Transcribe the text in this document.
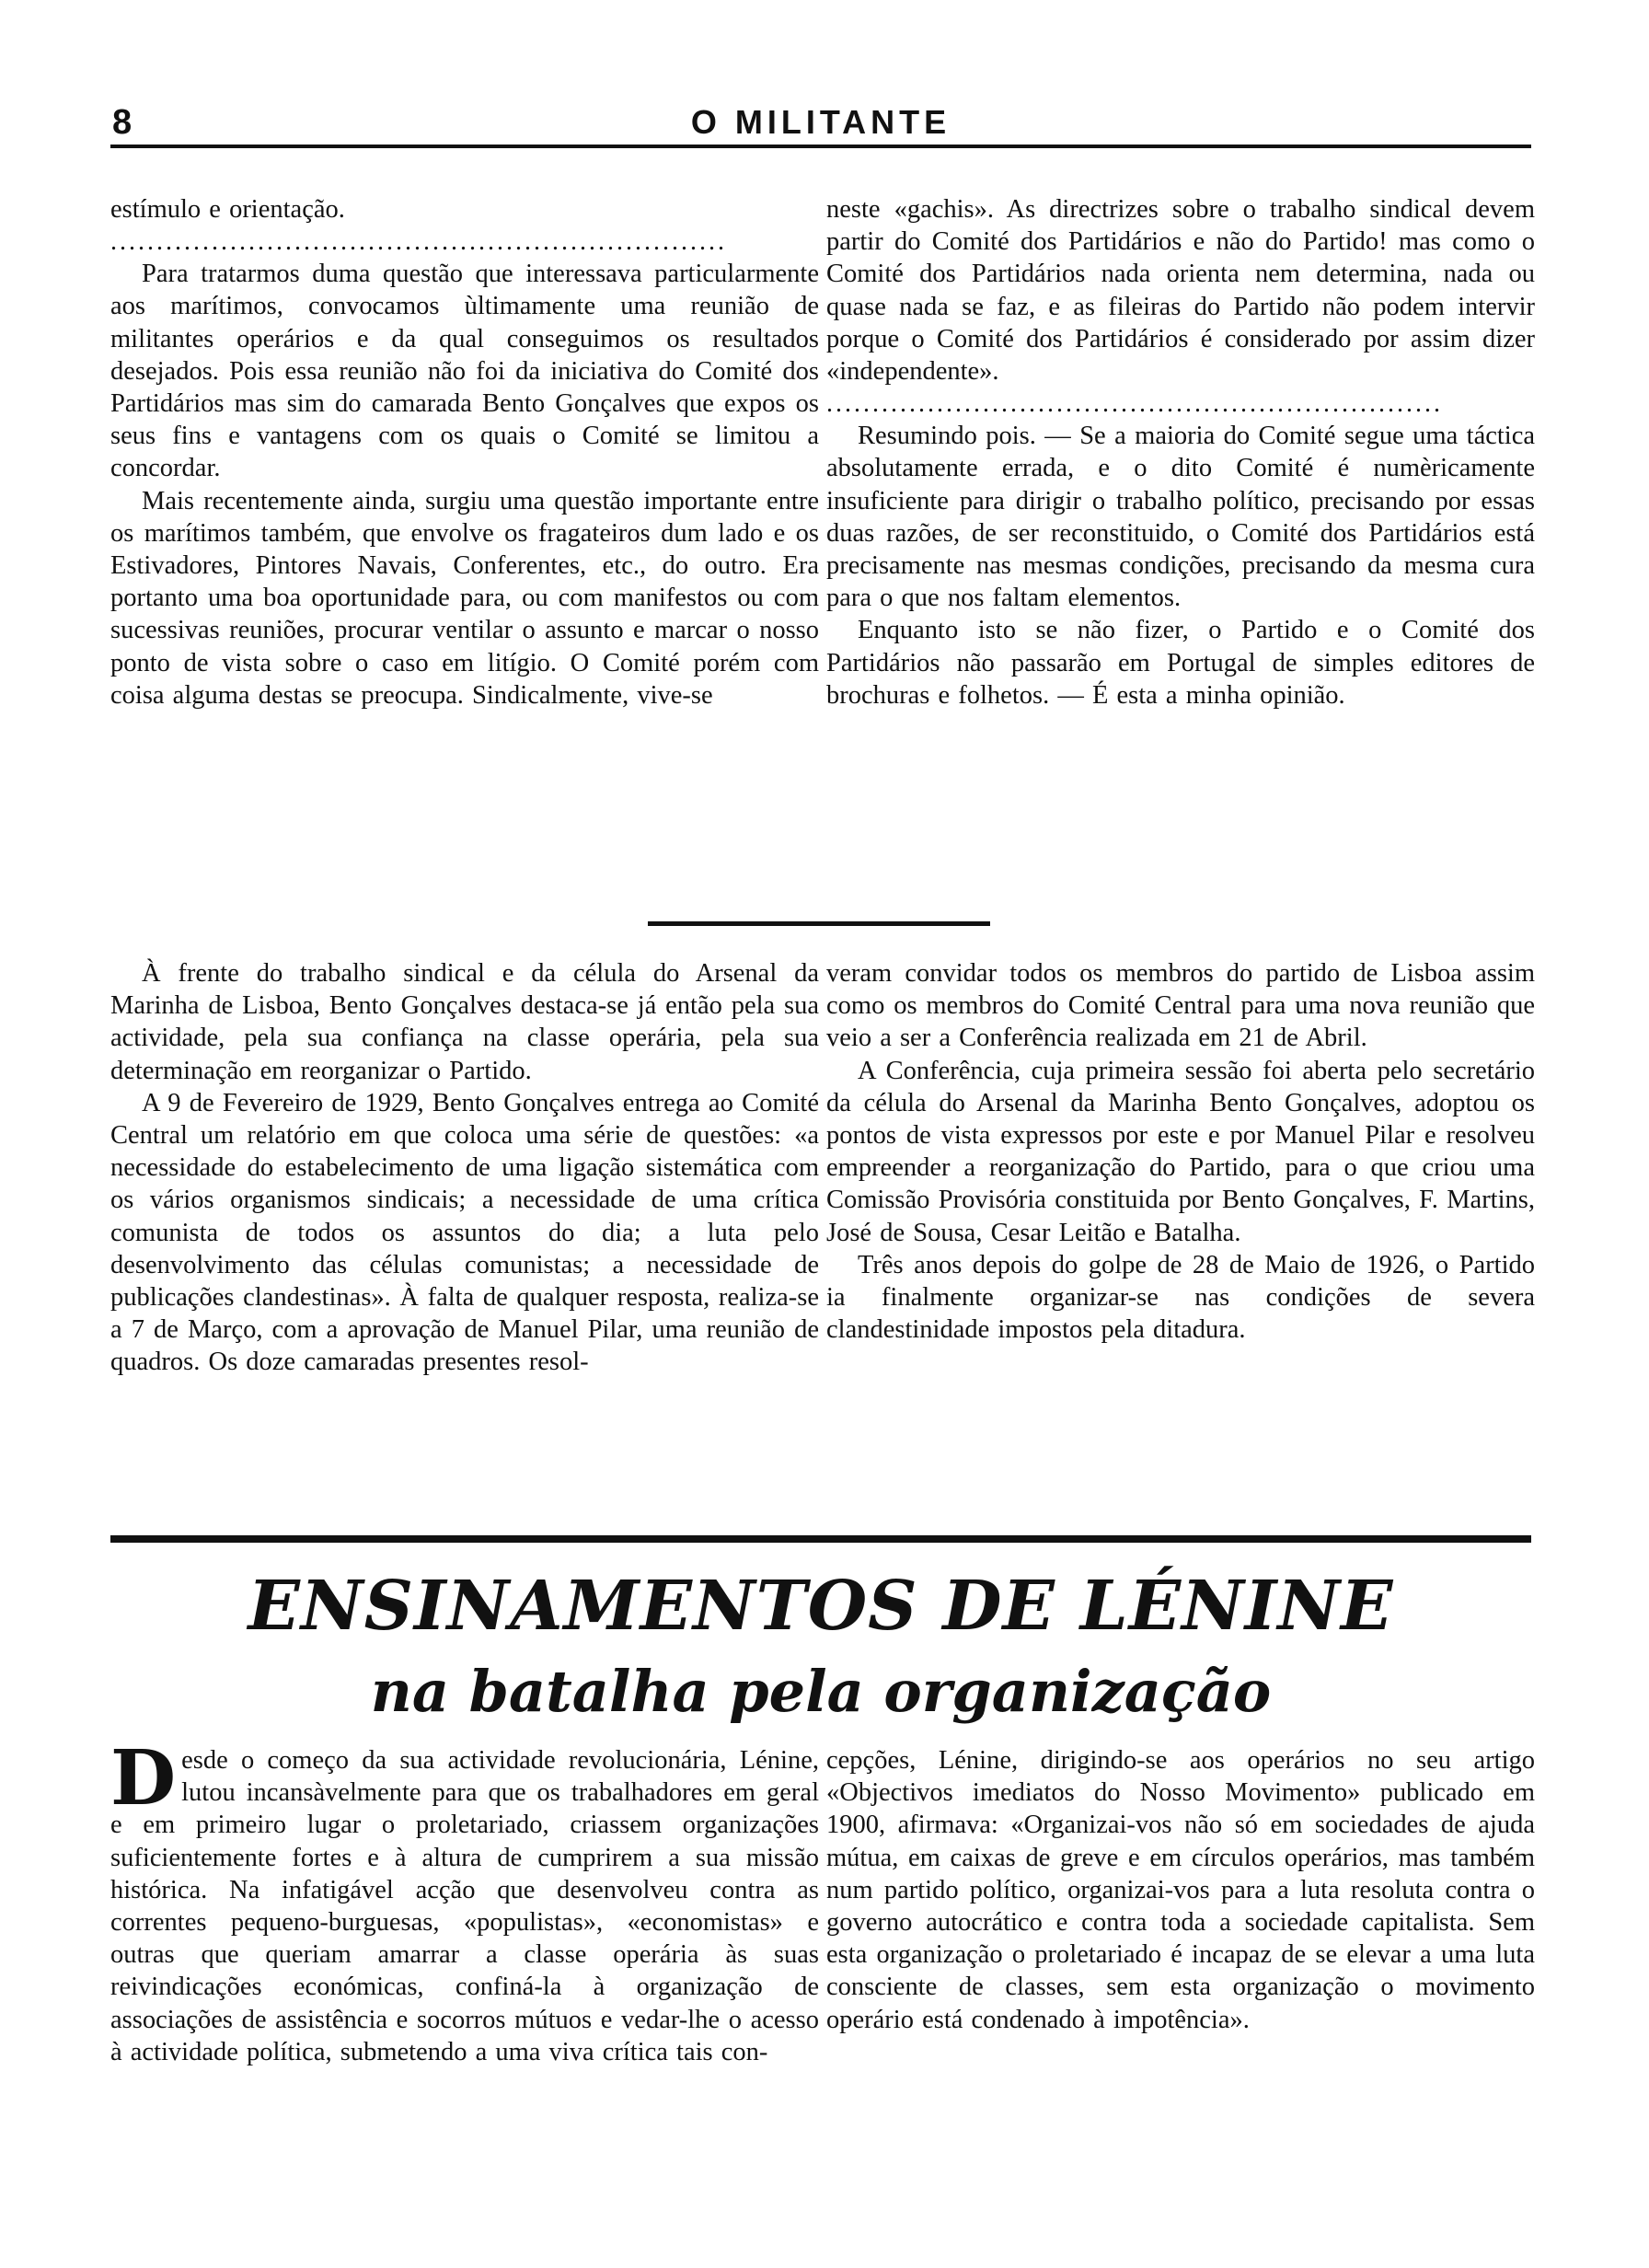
8	O MILITANTE

estímulo e orientação.

...................................................................

Para tratarmos duma questão que interessava particularmente aos marítimos, convocamos ùltimamente uma reunião de militantes operários e da qual conseguimos os resultados desejados. Pois essa reunião não foi da iniciativa do Comité dos Partidários mas sim do camarada Bento Gonçalves que expos os seus fins e vantagens com os quais o Comité se limitou a concordar.

Mais recentemente ainda, surgiu uma questão importante entre os marítimos também, que envolve os fragateiros dum lado e os Estivadores, Pintores Navais, Conferentes, etc., do outro. Era portanto uma boa oportunidade para, ou com manifestos ou com sucessivas reuniões, procurar ventilar o assunto e marcar o nosso ponto de vista sobre o caso em litígio. O Comité porém com coisa alguma destas se preocupa. Sindicalmente, vive-se

neste «gachis». As directrizes sobre o trabalho sindical devem partir do Comité dos Partidários e não do Partido! mas como o Comité dos Partidários nada orienta nem determina, nada ou quase nada se faz, e as fileiras do Partido não podem intervir porque o Comité dos Partidários é considerado por assim dizer «independente».

...................................................................

Resumindo pois. — Se a maioria do Comité segue uma táctica absolutamente errada, e o dito Comité é numèricamente insuficiente para dirigir o trabalho político, precisando por essas duas razões, de ser reconstituido, o Comité dos Partidários está precisamente nas mesmas condições, precisando da mesma cura para o que nos faltam elementos.

Enquanto isto se não fizer, o Partido e o Comité dos Partidários não passarão em Portugal de simples editores de brochuras e folhetos. — É esta a minha opinião.

À frente do trabalho sindical e da célula do Arsenal da Marinha de Lisboa, Bento Gonçalves destaca-se já então pela sua actividade, pela sua confiança na classe operária, pela sua determinação em reorganizar o Partido.

A 9 de Fevereiro de 1929, Bento Gonçalves entrega ao Comité Central um relatório em que coloca uma série de questões: «a necessidade do estabelecimento de uma ligação sistemática com os vários organismos sindicais; a necessidade de uma crítica comunista de todos os assuntos do dia; a luta pelo desenvolvimento das células comunistas; a necessidade de publicações clandestinas». À falta de qualquer resposta, realiza-se a 7 de Março, com a aprovação de Manuel Pilar, uma reunião de quadros. Os doze camaradas presentes resol-

veram convidar todos os membros do partido de Lisboa assim como os membros do Comité Central para uma nova reunião que veio a ser a Conferência realizada em 21 de Abril.

A Conferência, cuja primeira sessão foi aberta pelo secretário da célula do Arsenal da Marinha Bento Gonçalves, adoptou os pontos de vista expressos por este e por Manuel Pilar e resolveu empreender a reorganização do Partido, para o que criou uma Comissão Provisória constituida por Bento Gonçalves, F. Martins, José de Sousa, Cesar Leitão e Batalha.

Três anos depois do golpe de 28 de Maio de 1926, o Partido ia finalmente organizar-se nas condições de severa clandestinidade impostos pela ditadura.

ENSINAMENTOS DE LÉNINE
na batalha pela organização

Desde o começo da sua actividade revolucionária, Lénine, lutou incansàvelmente para que os trabalhadores em geral e em primeiro lugar o proletariado, criassem organizações suficientemente fortes e à altura de cumprirem a sua missão histórica. Na infatigável acção que desenvolveu contra as correntes pequeno-burguesas, «populistas», «economistas» e outras que queriam amarrar a classe operária às suas reivindicações económicas, confiná-la à organização de associações de assistência e socorros mútuos e vedar-lhe o acesso à actividade política, submetendo a uma viva crítica tais con-

cepções, Lénine, dirigindo-se aos operários no seu artigo «Objectivos imediatos do Nosso Movimento» publicado em 1900, afirmava: «Organizai-vos não só em sociedades de ajuda mútua, em caixas de greve e em círculos operários, mas também num partido político, organizai-vos para a luta resoluta contra o governo autocrático e contra toda a sociedade capitalista. Sem esta organização o proletariado é incapaz de se elevar a uma luta consciente de classes, sem esta organização o movimento operário está condenado à impotência».
